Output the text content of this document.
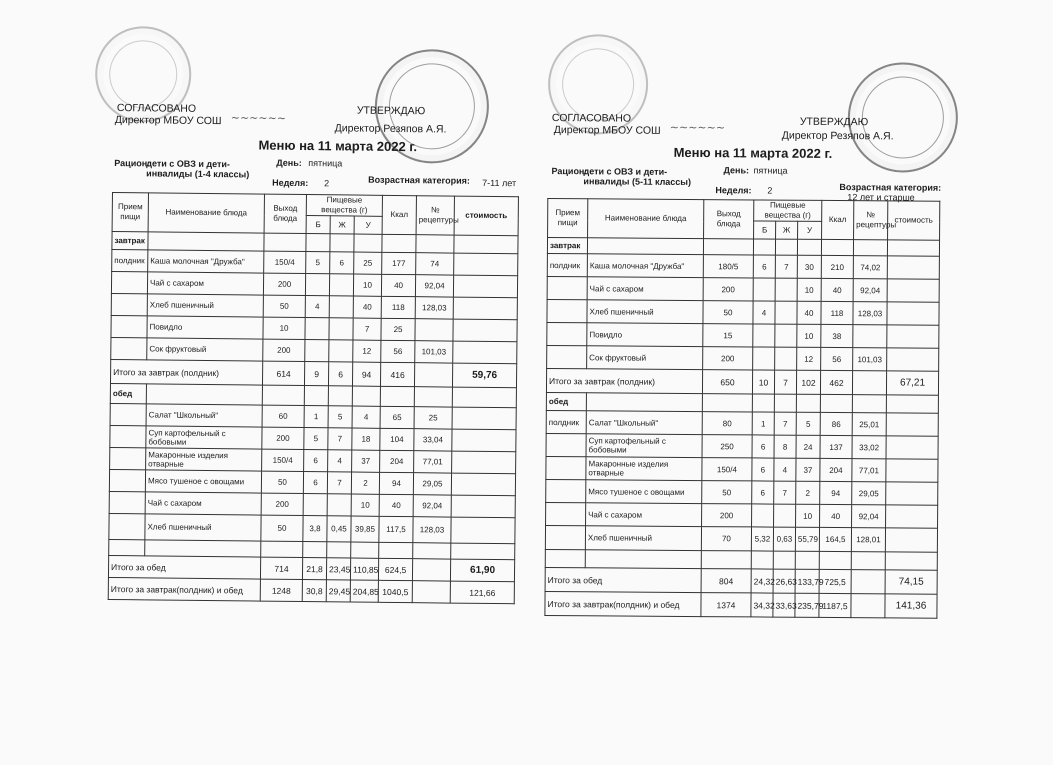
СОГЛАСОВАНО
Директор МБОУ СОШ ~~~~~~
УТВЕРЖДАЮ
Директор Резяпов А.Я.
Меню на 11 марта 2022 г.
Рацион:
дети с ОВЗ и дети-инвалиды (1-4 классы)
День: пятница
Неделя: 2	Возрастная категория:	7-11 лет
Прием пищи	Наименование блюда	Выход блюда	Пищевые вещества (г)			Ккал	№ рецептуры	стоимость
			Б	Ж	У			
завтрак								
полдник	Каша молочная "Дружба"	150/4	5	6	25	177	74	
	Чай с сахаром	200			10	40	92,04	
	Хлеб пшеничный	50	4		40	118	128,03	
	Повидло	10			7	25		
	Сок фруктовый	200			12	56	101,03	
Итого за завтрак (полдник)		614	9	6	94	416		59,76
обед								
	Салат "Школьный"	60	1	5	4	65	25	
	Суп картофельный с бобовыми	200	5	7	18	104	33,04	
	Макаронные изделия отварные	150/4	6	4	37	204	77,01	
	Мясо тушеное с овощами	50	6	7	2	94	29,05	
	Чай с сахаром	200			10	40	92,04	
	Хлеб пшеничный	50	3,8	0,45	39,85	117,5	128,03	

Итого за обед		714	21,8	23,45	110,85	624,5		61,90
Итого за завтрак(полдник) и обед		1248	30,8	29,45	204,85	1040,5		121,66
СОГЛАСОВАНО
Директор МБОУ СОШ ~~~~~~	УТВЕРЖДАЮ
Директор Резяпов А.Я.
Меню на 11 марта 2022 г.
Рацион:
дети с ОВЗ и дети-инвалиды (5-11 классы)
День: пятница
Неделя: 2	Возрастная категория:
12 лет и старше
Прием пищи	Наименование блюда	Выход блюда	Пищевые вещества (г)			Ккал	№ рецептуры	стоимость
			Б	Ж	У			
завтрак								
полдник	Каша молочная "Дружба"	180/5	6	7	30	210	74,02	
	Чай с сахаром	200			10	40	92,04	
	Хлеб пшеничный	50	4		40	118	128,03	
	Повидло	15			10	38		
	Сок фруктовый	200			12	56	101,03	
Итого за завтрак (полдник)		650	10	7	102	462		67,21
обед								
полдник	Салат "Школьный"	80	1	7	5	86	25,01	
	Суп картофельный с бобовыми	250	6	8	24	137	33,02	
	Макаронные изделия отварные	150/4	6	4	37	204	77,01	
	Мясо тушеное с овощами	50	6	7	2	94	29,05	
	Чай с сахаром	200			10	40	92,04	
	Хлеб пшеничный	70	5,32	0,63	55,79	164,5	128,01	

Итого за обед		804	24,32	26,63	133,79	725,5		74,15
Итого за завтрак(полдник) и обед		1374	34,32	33,63	235,79	1187,5		141,36
